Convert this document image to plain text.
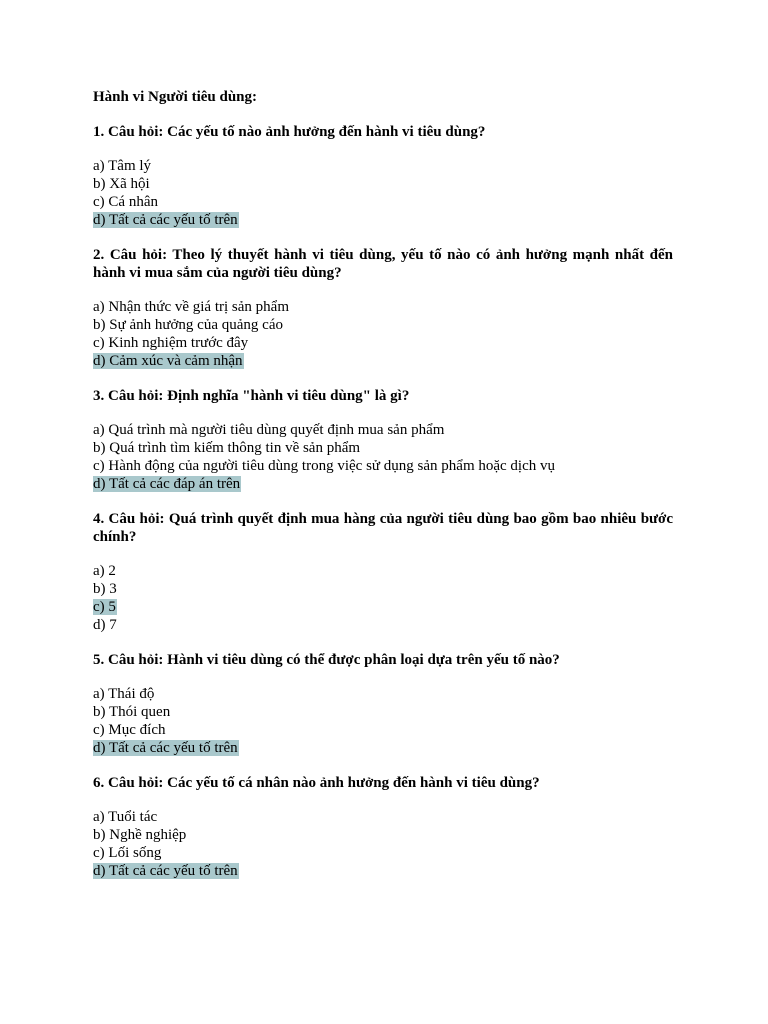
Hành vi Người tiêu dùng:
1. Câu hỏi: Các yếu tố nào ảnh hưởng đến hành vi tiêu dùng?
a) Tâm lý
b) Xã hội
c) Cá nhân
d) Tất cả các yếu tố trên
2. Câu hỏi: Theo lý thuyết hành vi tiêu dùng, yếu tố nào có ảnh hưởng mạnh nhất đến hành vi mua sắm của người tiêu dùng?
a) Nhận thức về giá trị sản phẩm
b) Sự ảnh hưởng của quảng cáo
c) Kinh nghiệm trước đây
d) Cảm xúc và cảm nhận
3. Câu hỏi: Định nghĩa "hành vi tiêu dùng" là gì?
a) Quá trình mà người tiêu dùng quyết định mua sản phẩm
b) Quá trình tìm kiếm thông tin về sản phẩm
c) Hành động của người tiêu dùng trong việc sử dụng sản phẩm hoặc dịch vụ
d) Tất cả các đáp án trên
4. Câu hỏi: Quá trình quyết định mua hàng của người tiêu dùng bao gồm bao nhiêu bước chính?
a) 2
b) 3
c) 5
d) 7
5. Câu hỏi: Hành vi tiêu dùng có thể được phân loại dựa trên yếu tố nào?
a) Thái độ
b) Thói quen
c) Mục đích
d) Tất cả các yếu tố trên
6. Câu hỏi: Các yếu tố cá nhân nào ảnh hưởng đến hành vi tiêu dùng?
a) Tuổi tác
b) Nghề nghiệp
c) Lối sống
d) Tất cả các yếu tố trên
